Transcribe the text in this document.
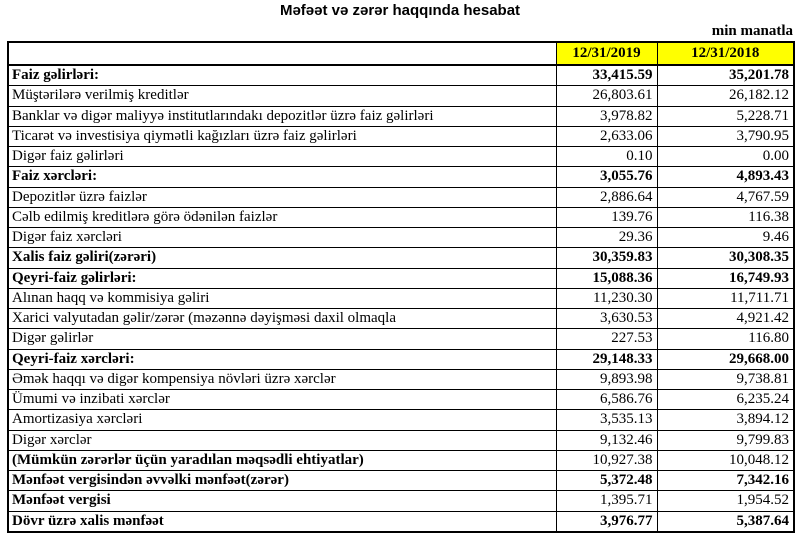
Məfəət və zərər haqqında hesabat
min manatla
	12/31/2019	12/31/2018
Faiz gəlirləri:	33,415.59	35,201.78
Müştərilərə verilmiş kreditlər	26,803.61	26,182.12
Banklar və digər maliyyə institutlarındakı depozitlər üzrə faiz gəlirləri	3,978.82	5,228.71
Ticarət və investisiya qiymətli kağızları üzrə faiz gəlirləri	2,633.06	3,790.95
Digər faiz gəlirləri	0.10	0.00
Faiz xərcləri:	3,055.76	4,893.43
Depozitlər üzrə faizlər	2,886.64	4,767.59
Cəlb edilmiş kreditlərə görə ödənilən faizlər	139.76	116.38
Digər faiz xərcləri	29.36	9.46
Xalis faiz gəliri(zərəri)	30,359.83	30,308.35
Qeyri-faiz gəlirləri:	15,088.36	16,749.93
Alınan haqq və kommisiya gəliri	11,230.30	11,711.71
Xarici valyutadan gəlir/zərər (məzənnə dəyişməsi daxil olmaqla	3,630.53	4,921.42
Digər gəlirlər	227.53	116.80
Qeyri-faiz xərcləri:	29,148.33	29,668.00
Əmək haqqı və digər kompensiya növləri üzrə xərclər	9,893.98	9,738.81
Ümumi və inzibati xərclər	6,586.76	6,235.24
Amortizasiya xərcləri	3,535.13	3,894.12
Digər xərclər	9,132.46	9,799.83
(Mümkün zərərlər üçün yaradılan məqsədli ehtiyatlar)	10,927.38	10,048.12
Mənfəət vergisindən əvvəlki mənfəət(zərər)	5,372.48	7,342.16
Mənfəət vergisi	1,395.71	1,954.52
Dövr üzrə xalis mənfəət	3,976.77	5,387.64
